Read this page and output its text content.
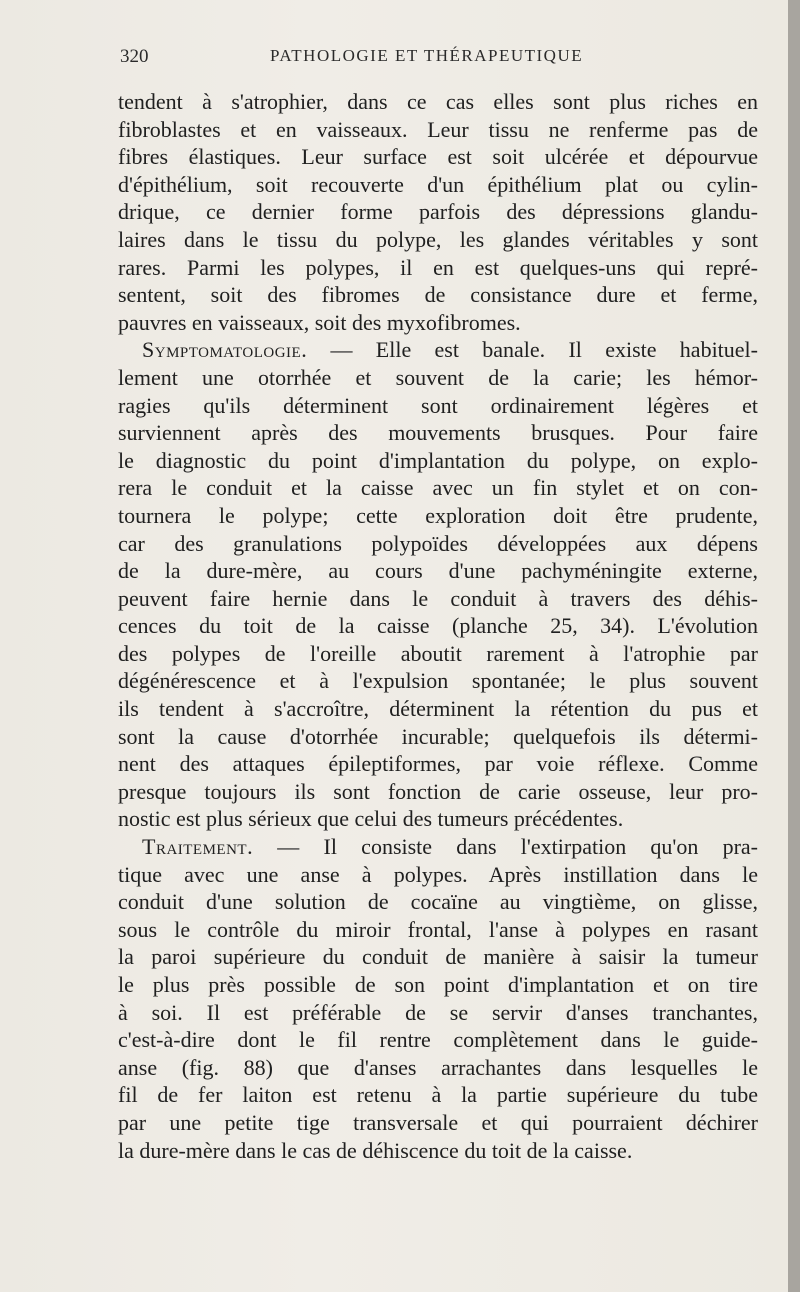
320	PATHOLOGIE ET THÉRAPEUTIQUE
tendent à s'atrophier, dans ce cas elles sont plus riches en
fibroblastes et en vaisseaux. Leur tissu ne renferme pas de
fibres élastiques. Leur surface est soit ulcérée et dépourvue
d'épithélium, soit recouverte d'un épithélium plat ou cylin-
drique, ce dernier forme parfois des dépressions glandu-
laires dans le tissu du polype, les glandes véritables y sont
rares. Parmi les polypes, il en est quelques-uns qui repré-
sentent, soit des fibromes de consistance dure et ferme,
pauvres en vaisseaux, soit des myxofibromes.
Symptomatologie. — Elle est banale. Il existe habituel-
lement une otorrhée et souvent de la carie; les hémor-
ragies qu'ils déterminent sont ordinairement légères et
surviennent après des mouvements brusques. Pour faire
le diagnostic du point d'implantation du polype, on explo-
rera le conduit et la caisse avec un fin stylet et on con-
tournera le polype; cette exploration doit être prudente,
car des granulations polypoïdes développées aux dépens
de la dure-mère, au cours d'une pachyméningite externe,
peuvent faire hernie dans le conduit à travers des déhis-
cences du toit de la caisse (planche 25, 34). L'évolution
des polypes de l'oreille aboutit rarement à l'atrophie par
dégénérescence et à l'expulsion spontanée; le plus souvent
ils tendent à s'accroître, déterminent la rétention du pus et
sont la cause d'otorrhée incurable; quelquefois ils détermi-
nent des attaques épileptiformes, par voie réflexe. Comme
presque toujours ils sont fonction de carie osseuse, leur pro-
nostic est plus sérieux que celui des tumeurs précédentes.
Traitement. — Il consiste dans l'extirpation qu'on pra-
tique avec une anse à polypes. Après instillation dans le
conduit d'une solution de cocaïne au vingtième, on glisse,
sous le contrôle du miroir frontal, l'anse à polypes en rasant
la paroi supérieure du conduit de manière à saisir la tumeur
le plus près possible de son point d'implantation et on tire
à soi. Il est préférable de se servir d'anses tranchantes,
c'est-à-dire dont le fil rentre complètement dans le guide-
anse (fig. 88) que d'anses arrachantes dans lesquelles le
fil de fer laiton est retenu à la partie supérieure du tube
par une petite tige transversale et qui pourraient déchirer
la dure-mère dans le cas de déhiscence du toit de la caisse.
